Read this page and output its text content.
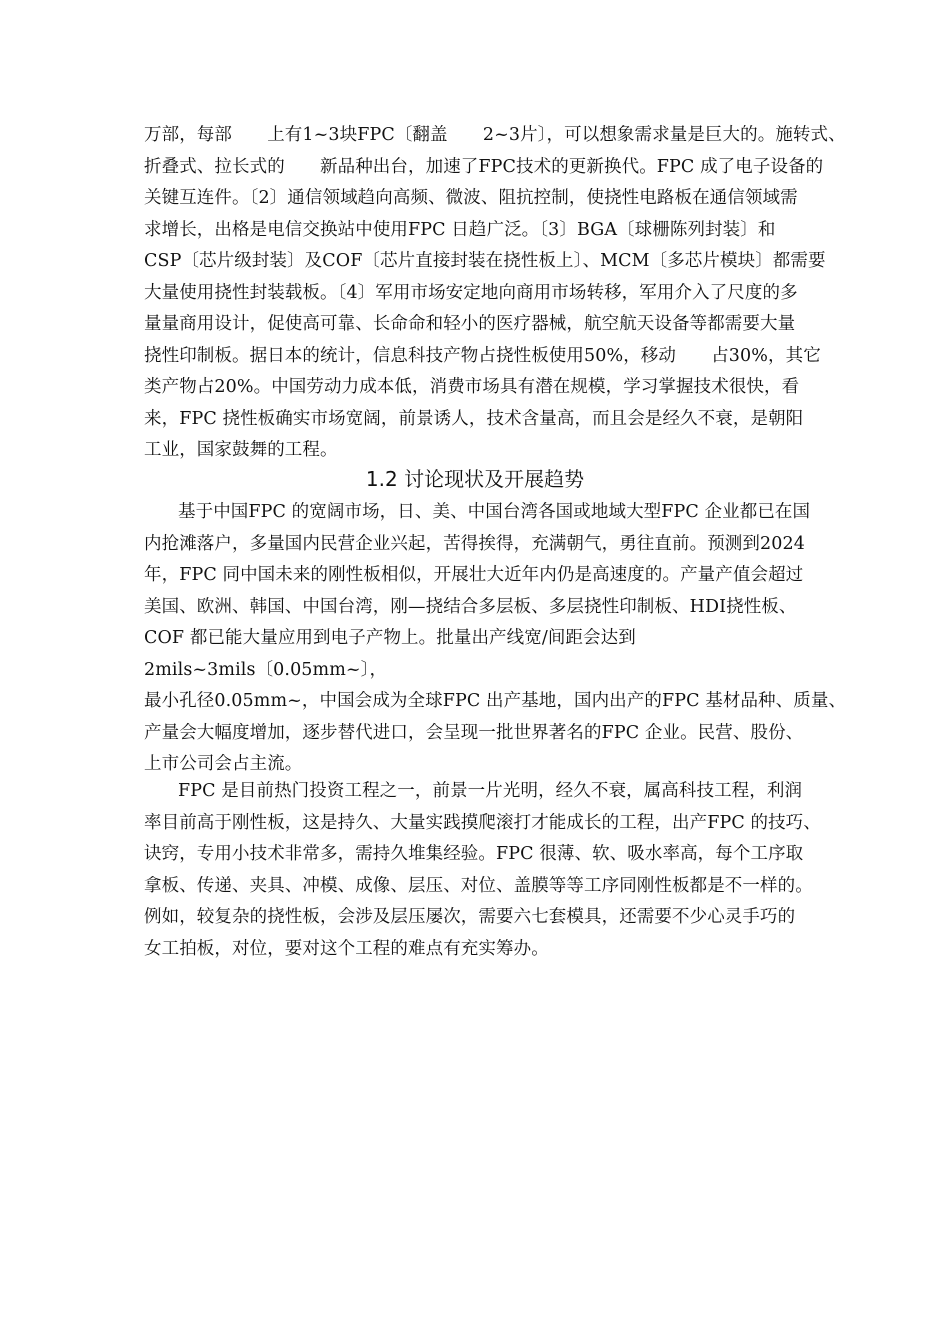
万部，每部　　上有1~3块FPC〔翻盖　　2~3片〕，可以想象需求量是巨大的。施转式、
折叠式、拉长式的　　新品种出台，加速了FPC技术的更新换代。FPC 成了电子设备的
关键互连件。〔2〕通信领域趋向高频、微波、阻抗控制，使挠性电路板在通信领域需
求增长，出格是电信交换站中使用FPC 日趋广泛。〔3〕BGA〔球栅陈列封装〕和
CSP〔芯片级封装〕及COF〔芯片直接封装在挠性板上〕、MCM〔多芯片模块〕都需要
大量使用挠性封装载板。〔4〕军用市场安定地向商用市场转移，军用介入了尺度的多
量量商用设计，促使高可靠、长命命和轻小的医疗器械，航空航天设备等都需要大量
挠性印制板。据日本的统计，信息科技产物占挠性板使用50%，移动　　占30%，其它
类产物占20%。中国劳动力成本低，消费市场具有潜在规模，学习掌握技术很快，看
来，FPC 挠性板确实市场宽阔，前景诱人，技术含量高，而且会是经久不衰，是朝阳
工业，国家鼓舞的工程。
1.2 讨论现状及开展趋势
基于中国FPC 的宽阔市场，日、美、中国台湾各国或地域大型FPC 企业都已在国
内抢滩落户，多量国内民营企业兴起，苦得挨得，充满朝气，勇往直前。预测到2024
年，FPC 同中国未来的刚性板相似，开展壮大近年内仍是高速度的。产量产值会超过
美国、欧洲、韩国、中国台湾，刚—挠结合多层板、多层挠性印制板、HDI挠性板、
COF 都已能大量应用到电子产物上。批量出产线宽/间距会达到
2mils~3mils〔0.05mm~〕，
最小孔径0.05mm~，中国会成为全球FPC 出产基地，国内出产的FPC 基材品种、质量、
产量会大幅度增加，逐步替代进口，会呈现一批世界著名的FPC 企业。民营、股份、
上市公司会占主流。
FPC 是目前热门投资工程之一，前景一片光明，经久不衰，属高科技工程，利润
率目前高于刚性板，这是持久、大量实践摸爬滚打才能成长的工程，出产FPC 的技巧、
诀窍，专用小技术非常多，需持久堆集经验。FPC 很薄、软、吸水率高，每个工序取
拿板、传递、夹具、冲模、成像、层压、对位、盖膜等等工序同刚性板都是不一样的。
例如，较复杂的挠性板，会涉及层压屡次，需要六七套模具，还需要不少心灵手巧的
女工拍板，对位，要对这个工程的难点有充实筹办。
